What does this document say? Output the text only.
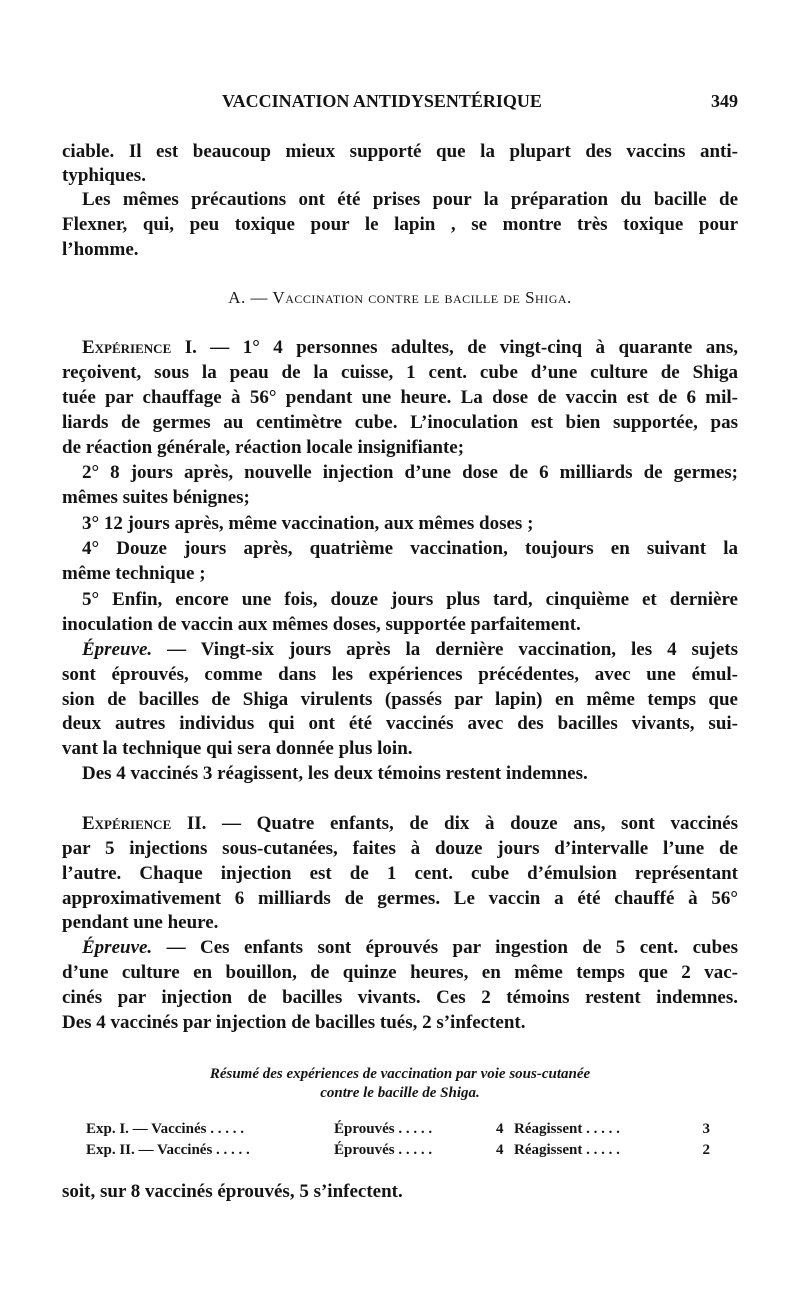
VACCINATION ANTIDYSENTÉRIQUE	349
ciable. Il est beaucoup mieux supporté que la plupart des vaccins anti-
typhiques.
Les mêmes précautions ont été prises pour la préparation du bacille de
Flexner, qui, peu toxique pour le lapin , se montre très toxique pour
l’homme.
A. — Vaccination contre le bacille de Shiga.
Expérience I. — 1° 4 personnes adultes, de vingt-cinq à quarante ans,
reçoivent, sous la peau de la cuisse, 1 cent. cube d’une culture de Shiga
tuée par chauffage à 56° pendant une heure. La dose de vaccin est de 6 mil-
liards de germes au centimètre cube. L’inoculation est bien supportée, pas
de réaction générale, réaction locale insignifiante;
2° 8 jours après, nouvelle injection d’une dose de 6 milliards de germes;
mêmes suites bénignes;
3° 12 jours après, même vaccination, aux mêmes doses ;
4° Douze jours après, quatrième vaccination, toujours en suivant la
même technique ;
5° Enfin, encore une fois, douze jours plus tard, cinquième et dernière
inoculation de vaccin aux mêmes doses, supportée parfaitement.
Épreuve. — Vingt-six jours après la dernière vaccination, les 4 sujets
sont éprouvés, comme dans les expériences précédentes, avec une émul-
sion de bacilles de Shiga virulents (passés par lapin) en même temps que
deux autres individus qui ont été vaccinés avec des bacilles vivants, sui-
vant la technique qui sera donnée plus loin.
Des 4 vaccinés 3 réagissent, les deux témoins restent indemnes.
Expérience II. — Quatre enfants, de dix à douze ans, sont vaccinés
par 5 injections sous-cutanées, faites à douze jours d’intervalle l’une de
l’autre. Chaque injection est de 1 cent. cube d’émulsion représentant
approximativement 6 milliards de germes. Le vaccin a été chauffé à 56°
pendant une heure.
Épreuve. — Ces enfants sont éprouvés par ingestion de 5 cent. cubes
d’une culture en bouillon, de quinze heures, en même temps que 2 vac-
cinés par injection de bacilles vivants. Ces 2 témoins restent indemnes.
Des 4 vaccinés par injection de bacilles tués, 2 s’infectent.
Résumé des expériences de vaccination par voie sous-cutanée
contre le bacille de Shiga.
Exp. I. — Vaccinés . . . . .	Éprouvés . . . . .	4 Réagissent . . . . .	3
Exp. II. — Vaccinés . . . . .	Éprouvés . . . . .	4 Réagissent . . . . .	2
soit, sur 8 vaccinés éprouvés, 5 s’infectent.
